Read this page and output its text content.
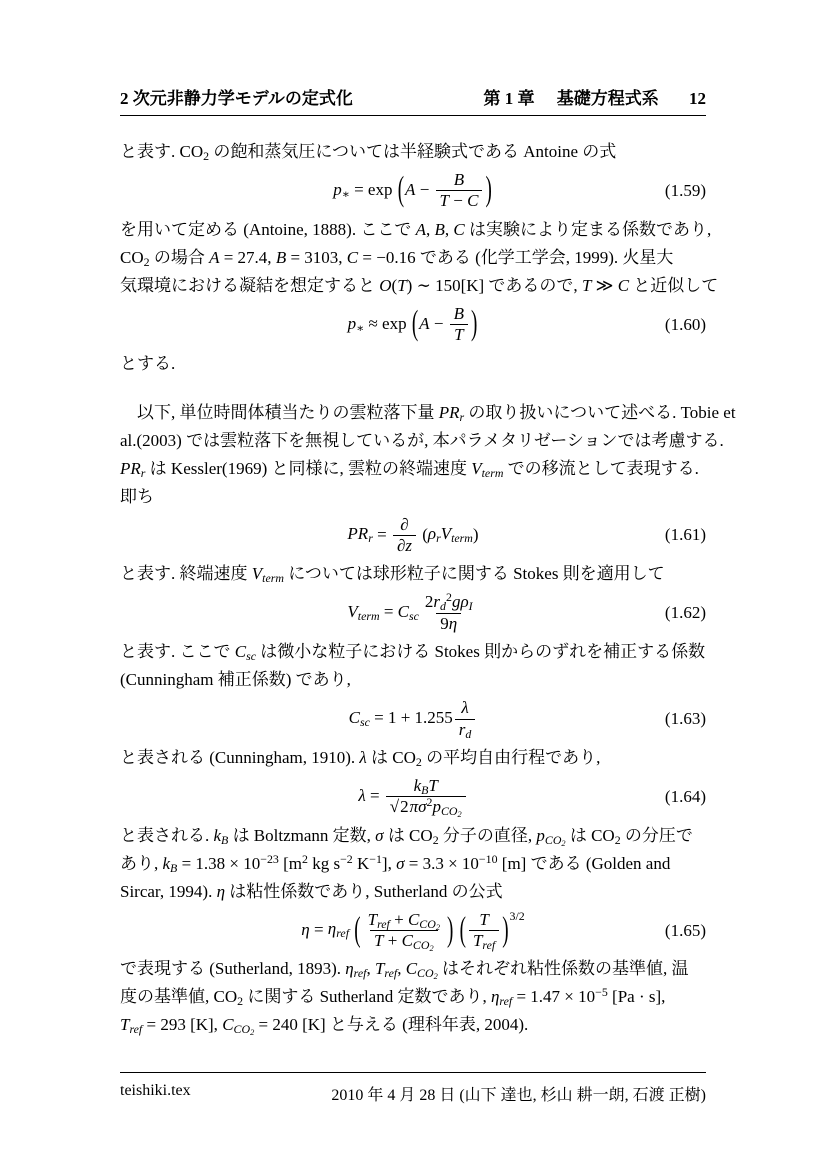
2 次元非静力学モデルの定式化	第 1 章 基礎方程式系 12
と表す. $CO_2$ の飽和蒸気圧については半経験式である Antoine の式
$p_∗ = \exp (A - \frac{B}{T - C}$ )	(1.59)
を用いて定める (Antoine, 1888). ここで A, B, C は実験により定まる係数であり,
$CO_2$ の場合 A = 27.4, B = 3103, C = −0.16 である (化学工学会, 1999). 火星大
気環境における凝結を想定すると O(T) ∼ 150[K] であるので, T ≫ C と近似して
$p_∗ \approx \exp (A - \frac{B}{T}$ )	(1.60)
とする.
以下, 単位時間体積当たりの雲粒落下量 $PR_r$ の取り扱いについて述べる. Tobie et
al.(2003) では雲粒落下を無視しているが, 本パラメタリゼーションでは考慮する.
$PR_r$ は Kessler(1969) と同様に, 雲粒の終端速度 $V_{term}$ での移流として表現する.
即ち
$PR_r = \frac{\partial}{\partial z} (\rho_rV_{term})$	(1.61)
と表す. 終端速度 $V_{term}$ については球形粒子に関する Stokes 則を適用して
$V_{term} = C_{sc} \frac{2r_d^2g\rho_I}{9\eta}$	(1.62)
と表す. ここで $C_{sc}$ は微小な粒子における Stokes 則からのずれを補正する係数
(Cunningham 補正係数) であり,
$C_{sc} = 1 + 1.255 \frac{\lambda}{r_d}$	(1.63)
と表される (Cunningham, 1910). λ は $CO_2$ の平均自由行程であり,
$\lambda = \frac{k_BT}{√2\pi\sigma^2p_{CO_2}}$	(1.64)
と表される. $k_B$ は Boltzmann 定数, σ は $CO_2$ 分子の直径, $p_{CO_2}$ は $CO_2$ の分圧で
あり, $k_B = 1.38 \times 10^{-23}$ [$m^2$ kg $s^{-2}$ $K^{-1}$], $\sigma = 3.3 \times 10^{-10}$ [m] である (Golden and
Sircar, 1994). η は粘性係数であり, Sutherland の公式
$\eta = \eta_{ref}$ ( $\frac{T_{ref} + C_{CO_2}}{T + C_{CO_2}}$ ) ( $\frac{T}{T_{ref}} )^{3/2}$
(1.65)
で表現する (Sutherland, 1893). $\eta_{ref}$, $T_{ref}$, $C_{CO_2}$ はそれぞれ粘性係数の基準値, 温
度の基準値, $CO_2$ に関する Sutherland 定数であり, $\eta_{ref} = 1.47 \times 10^{-5}$ [Pa · s],
$T_{ref} = 293$ [K], $C_{CO_2} = 240$ [K] と与える (理科年表, 2004).
teishiki.tex	2010 年 4 月 28 日 (山下 達也, 杉山 耕一朗, 石渡 正樹)
